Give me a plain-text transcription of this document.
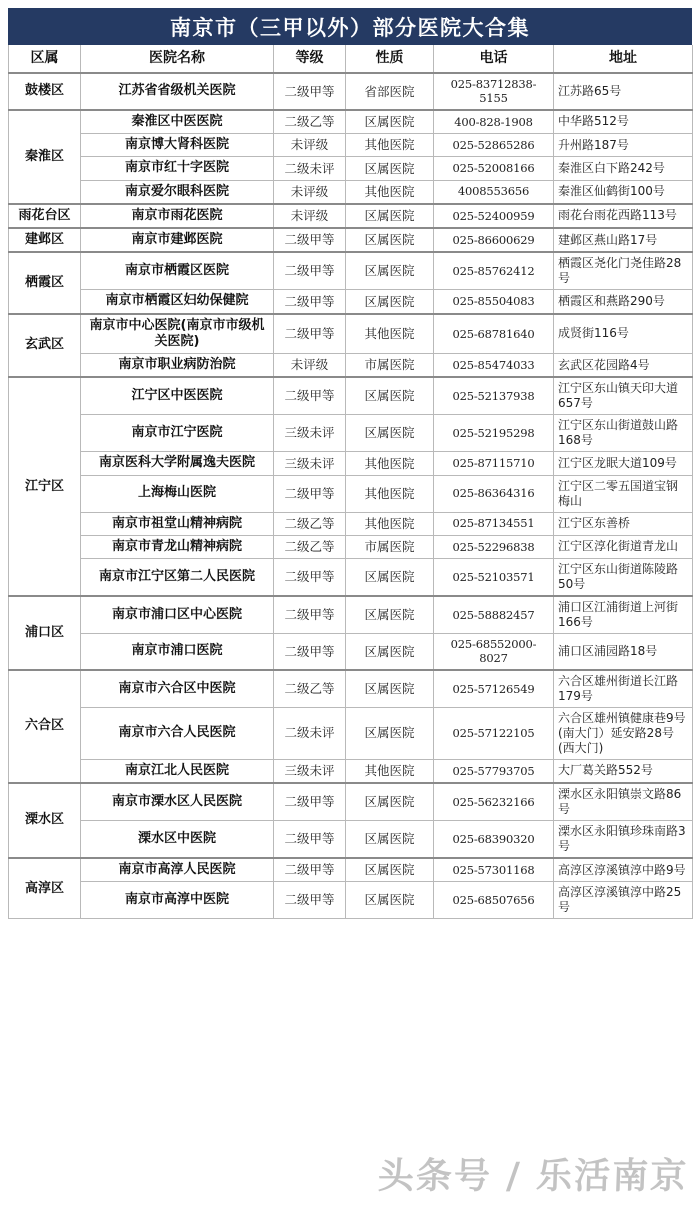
南京市（三甲以外）部分医院大合集
区属	医院名称	等级	性质	电话	地址
鼓楼区	江苏省省级机关医院	二级甲等	省部医院	025-83712838-5155	江苏路65号
秦淮区	秦淮区中医医院	二级乙等	区属医院	400-828-1908	中华路512号
	南京博大肾科医院	未评级	其他医院	025-52865286	升州路187号
	南京市红十字医院	二级未评	区属医院	025-52008166	秦淮区白下路242号
	南京爱尔眼科医院	未评级	其他医院	4008553656	秦淮区仙鹤街100号
雨花台区	南京市雨花医院	未评级	区属医院	025-52400959	雨花台雨花西路113号
建邺区	南京市建邺医院	二级甲等	区属医院	025-86600629	建邺区燕山路17号
栖霞区	南京市栖霞区医院	二级甲等	区属医院	025-85762412	栖霞区尧化门尧佳路28号
	南京市栖霞区妇幼保健院	二级甲等	区属医院	025-85504083	栖霞区和燕路290号
玄武区	南京市中心医院(南京市市级机关医院)	二级甲等	其他医院	025-68781640	成贤街116号
	南京市职业病防治院	未评级	市属医院	025-85474033	玄武区花园路4号
江宁区	江宁区中医医院	二级甲等	区属医院	025-52137938	江宁区东山镇天印大道657号
	南京市江宁医院	三级未评	区属医院	025-52195298	江宁区东山街道鼓山路168号
	南京医科大学附属逸夫医院	三级未评	其他医院	025-87115710	江宁区龙眠大道109号
	上海梅山医院	二级甲等	其他医院	025-86364316	江宁区二零五国道宝钢梅山
	南京市祖堂山精神病院	二级乙等	其他医院	025-87134551	江宁区东善桥
	南京市青龙山精神病院	二级乙等	市属医院	025-52296838	江宁区淳化街道青龙山
	南京市江宁区第二人民医院	二级甲等	区属医院	025-52103571	江宁区东山街道陈陵路50号
浦口区	南京市浦口区中心医院	二级甲等	区属医院	025-58882457	浦口区江浦街道上河街166号
	南京市浦口医院	二级甲等	区属医院	025-68552000-8027	浦口区浦园路18号
六合区	南京市六合区中医院	二级乙等	区属医院	025-57126549	六合区雄州街道长江路179号
	南京市六合人民医院	二级未评	区属医院	025-57122105	六合区雄州镇健康巷9号(南大门）延安路28号(西大门)
	南京江北人民医院	三级未评	其他医院	025-57793705	大厂葛关路552号
溧水区	南京市溧水区人民医院	二级甲等	区属医院	025-56232166	溧水区永阳镇崇文路86号
	溧水区中医院	二级甲等	区属医院	025-68390320	溧水区永阳镇珍珠南路3号
高淳区	南京市高淳人民医院	二级甲等	区属医院	025-57301168	高淳区淳溪镇淳中路9号
	南京市高淳中医院	二级甲等	区属医院	025-68507656	高淳区淳溪镇淳中路25号
头条号 / 乐活南京
